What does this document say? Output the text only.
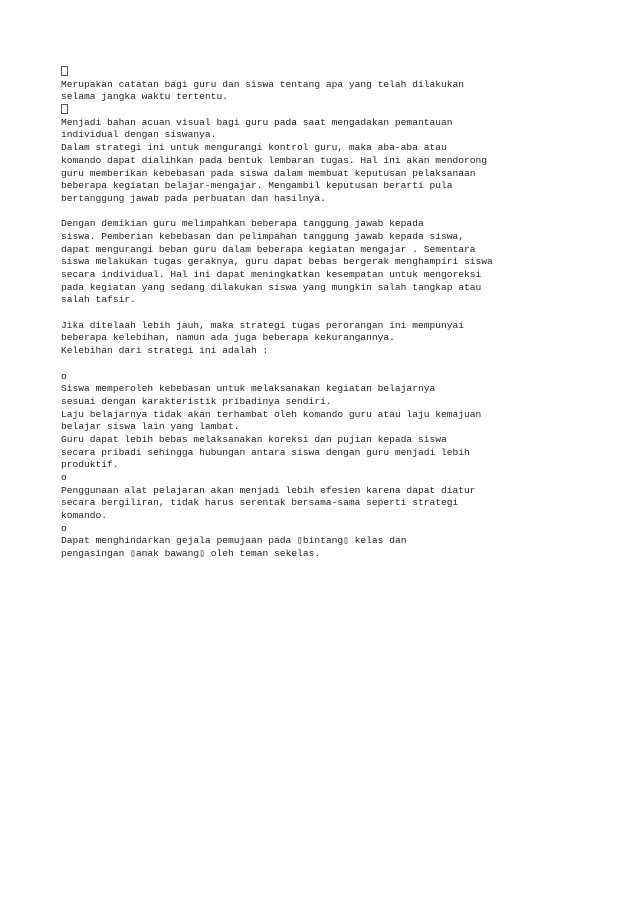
Merupakan catatan bagi guru dan siswa tentang apa yang telah dilakukan
selama jangka waktu tertentu.
Menjadi bahan acuan visual bagi guru pada saat mengadakan pemantauan
individual dengan siswanya.
Dalam strategi ini untuk mengurangi kontrol guru, maka aba-aba atau
komando dapat dialihkan pada bentuk lembaran tugas. Hal ini akan mendorong
guru memberikan kebebasan pada siswa dalam membuat keputusan pelaksanaan
beberapa kegiatan belajar-mengajar. Mengambil keputusan berarti pula
bertanggung jawab pada perbuatan dan hasilnya.
Dengan demikian guru melimpahkan beberapa tanggung jawab kepada
siswa. Pemberian kebebasan dan pelimpahan tanggung jawab kepada siswa,
dapat mengurangi beban guru dalam beberapa kegiatan mengajar . Sementara
siswa melakukan tugas geraknya, guru dapat bebas bergerak menghampiri siswa
secara individual. Hal ini dapat meningkatkan kesempatan untuk mengoreksi
pada kegiatan yang sedang dilakukan siswa yang mungkin salah tangkap atau
salah tafsir.
Jika ditelaah lebih jauh, maka strategi tugas perorangan ini mempunyai
beberapa kelebihan, namun ada juga beberapa kekurangannya.
Kelebihan dari strategi ini adalah :
o
Siswa memperoleh kebebasan untuk melaksanakan kegiatan belajarnya
sesuai dengan karakteristik pribadinya sendiri.
Laju belajarnya tidak akan terhambat oleh komando guru atau laju kemajuan
belajar siswa lain yang lambat.
Guru dapat lebih bebas melaksanakan koreksi dan pujian kepada siswa
secara pribadi sehingga hubungan antara siswa dengan guru menjadi lebih
produktif.
o
Penggunaan alat pelajaran akan menjadi lebih efesien karena dapat diatur
secara bergiliran, tidak harus serentak bersama-sama seperti strategi
komando.
o
Dapat menghindarkan gejala pemujaan pada ▯bintang▯ kelas dan
pengasingan ▯anak bawang▯ oleh teman sekelas.
